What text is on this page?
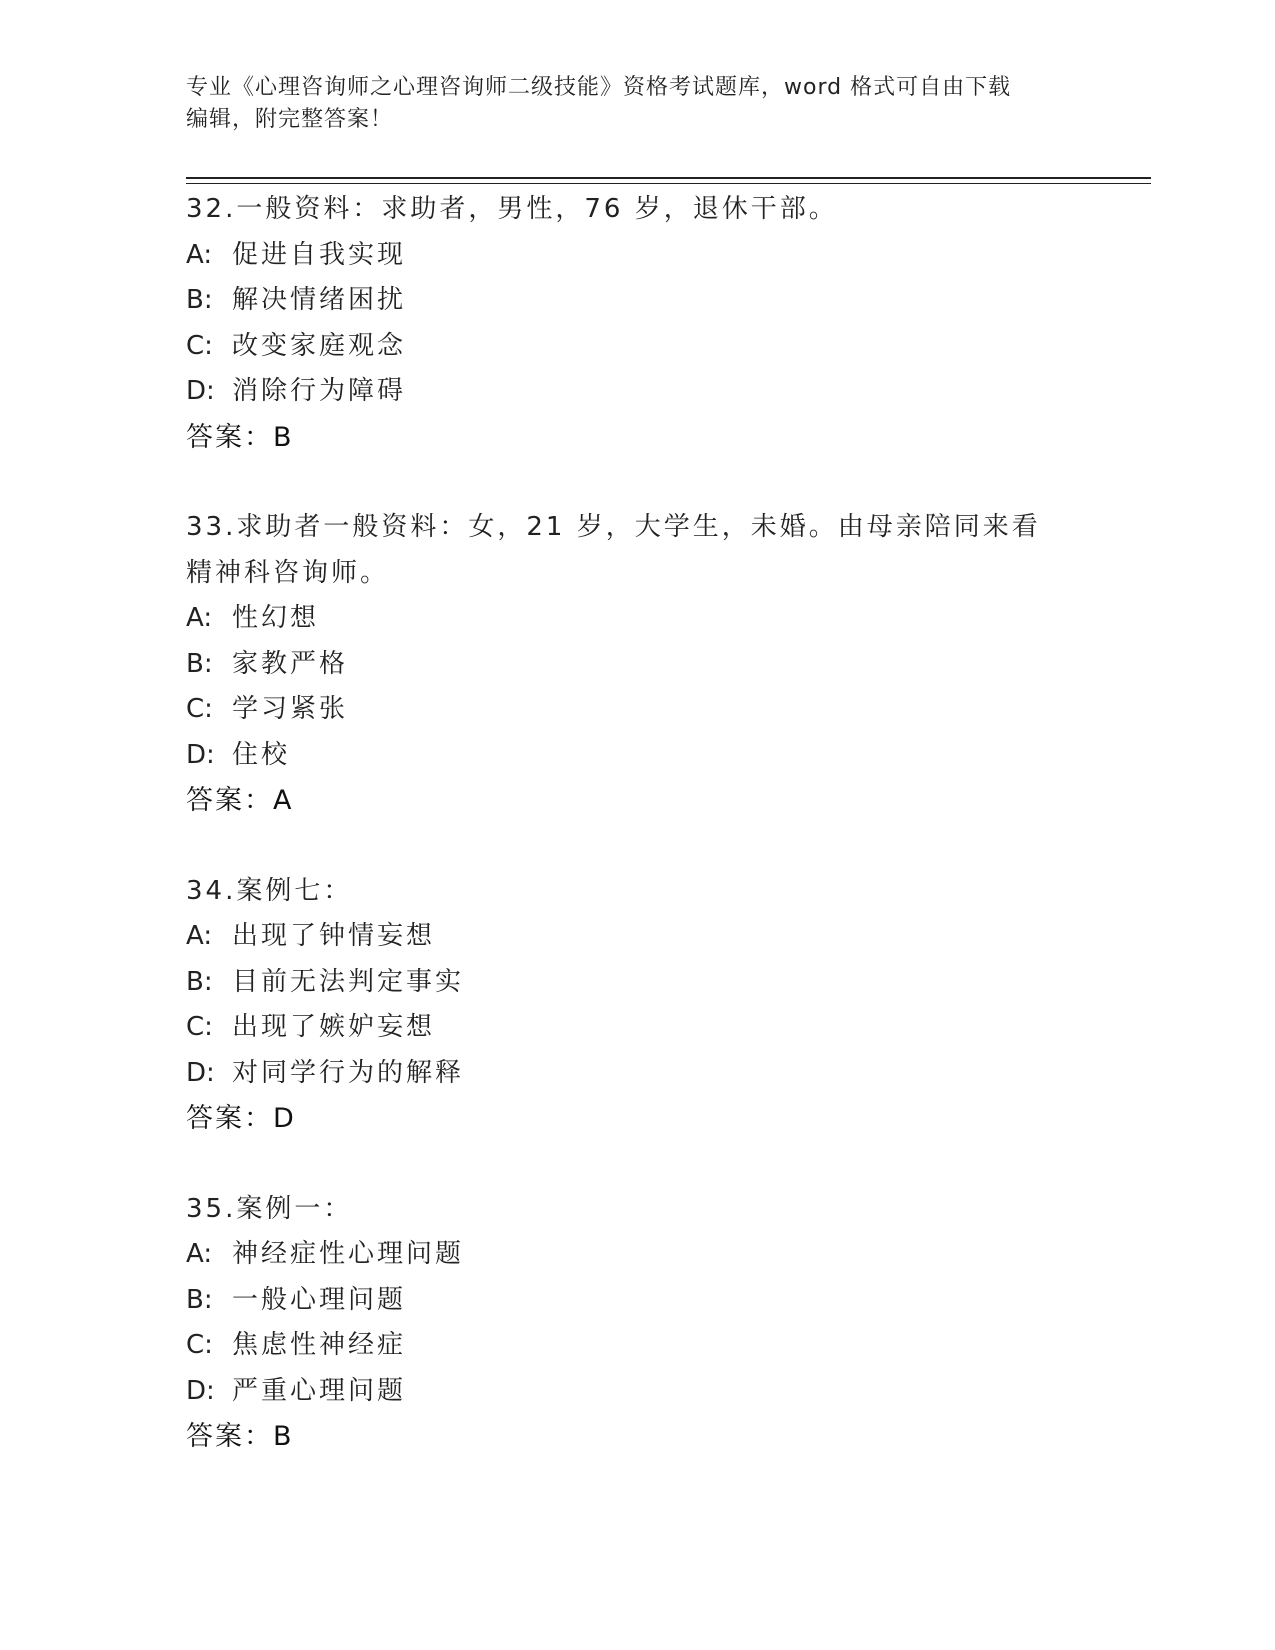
专业《心理咨询师之心理咨询师二级技能》资格考试题库，word 格式可自由下载
编辑，附完整答案！
32.一般资料：求助者，男性，76 岁，退休干部。
A: 促进自我实现
B: 解决情绪困扰
C: 改变家庭观念
D: 消除行为障碍
答案：B
33.求助者一般资料：女，21 岁，大学生，未婚。由母亲陪同来看精神科咨询师。
A: 性幻想
B: 家教严格
C: 学习紧张
D: 住校
答案：A
34.案例七：
A: 出现了钟情妄想
B: 目前无法判定事实
C: 出现了嫉妒妄想
D: 对同学行为的解释
答案：D
35.案例一：
A: 神经症性心理问题
B: 一般心理问题
C: 焦虑性神经症
D: 严重心理问题
答案：B
